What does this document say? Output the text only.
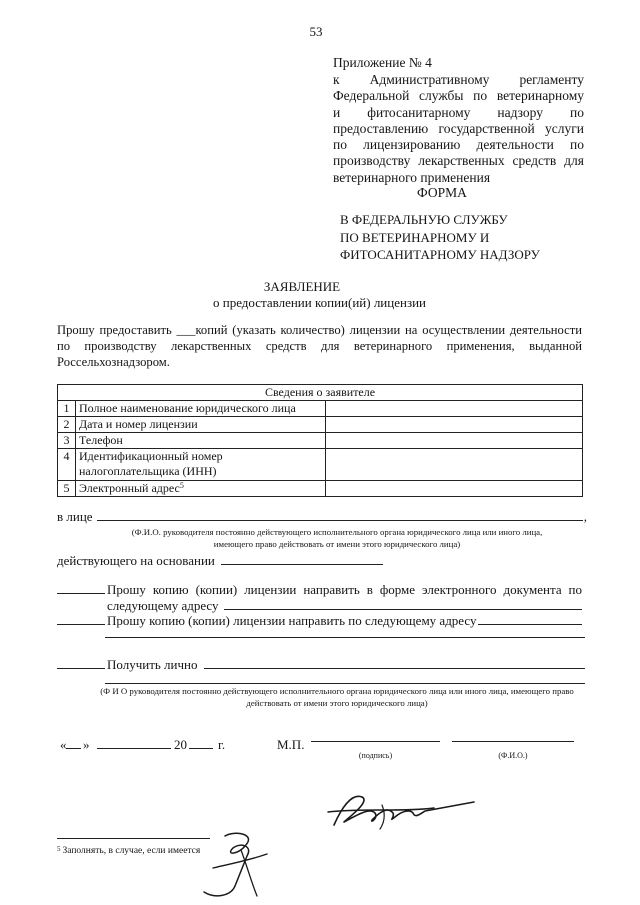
53
Приложение № 4
к Административному регламенту
Федеральной службы по ветеринарному
и фитосанитарному надзору по
предоставлению государственной услуги
по лицензированию деятельности по
производству лекарственных средств для
ветеринарного применения
ФОРМА
В ФЕДЕРАЛЬНУЮ СЛУЖБУ
ПО ВЕТЕРИНАРНОМУ И
ФИТОСАНИТАРНОМУ НАДЗОРУ
ЗАЯВЛЕНИЕ
о предоставлении копии(ий) лицензии
Прошу предоставить ___копий (указать количество) лицензии на осуществлении деятельности
по производству лекарственных средств для ветеринарного применения, выданной
Россельхознадзором.
Сведения о заявителе		
1	Полное наименование юридического лица	
2	Дата и номер лицензии	
3	Телефон	
4	Идентификационный номер
налогоплательщика (ИНН)	

5	Электронный адрес$^5$	
в лице	,
(Ф.И.О. руководителя постоянно действующего исполнительного органа юридического лица или иного лица,
имеющего право действовать от имени этого юридического лица)
действующего на основании
Прошу копию (копии) лицензии направить в форме электронного документа по
следующему адресу
Прошу копию (копии) лицензии направить по следующему адресу
Получить лично
(Ф И О руководителя постоянно действующего исполнительного органа юридического лица или иного лица, имеющего право
действовать от имени этого юридического лица)
« »	20 г.	М.П.
(подпись)	(Ф.И.О.)
$^5$ Заполнять, в случае, если имеется
